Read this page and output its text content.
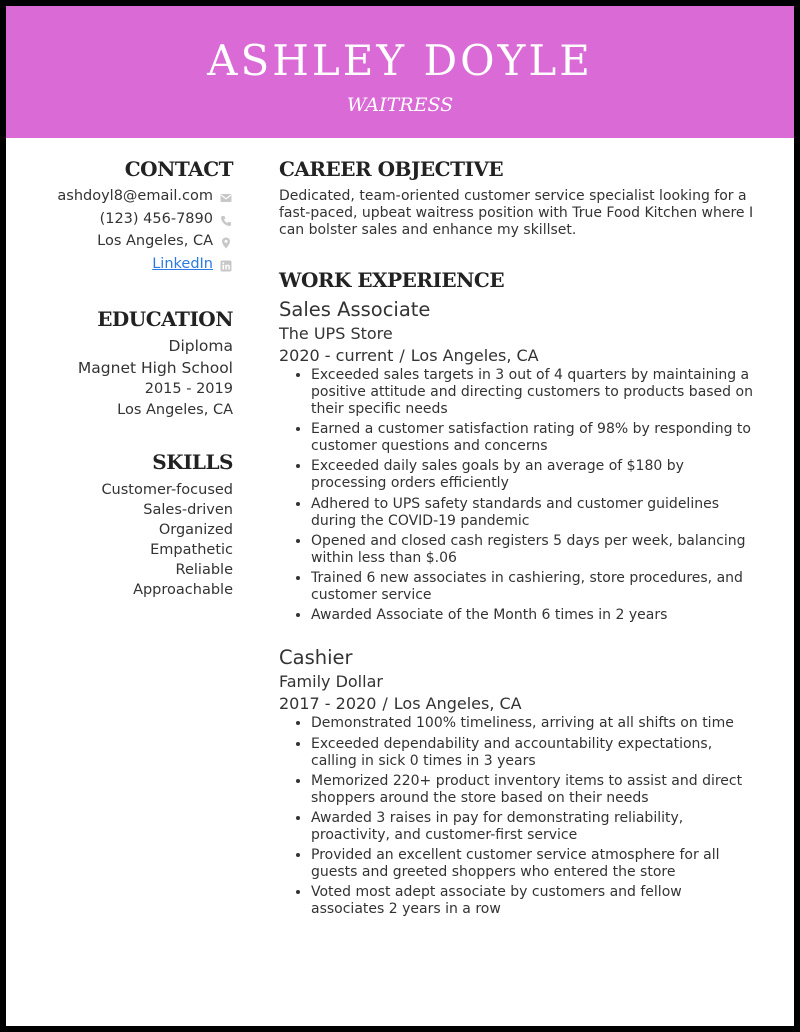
ASHLEY DOYLE
WAITRESS
CONTACT
ashdoyl8@email.com
(123) 456-7890
Los Angeles, CA
LinkedIn
EDUCATION
Diploma
Magnet High School
2015 - 2019
Los Angeles, CA
SKILLS
Customer-focused
Sales-driven
Organized
Empathetic
Reliable
Approachable
CAREER OBJECTIVE
Dedicated, team-oriented customer service specialist looking for a fast-paced, upbeat waitress position with True Food Kitchen where I can bolster sales and enhance my skillset.
WORK EXPERIENCE
Sales Associate
The UPS Store
2020 - current / Los Angeles, CA
• Exceeded sales targets in 3 out of 4 quarters by maintaining a positive attitude and directing customers to products based on their specific needs
• Earned a customer satisfaction rating of 98% by responding to customer questions and concerns
• Exceeded daily sales goals by an average of $180 by processing orders efficiently
• Adhered to UPS safety standards and customer guidelines during the COVID-19 pandemic
• Opened and closed cash registers 5 days per week, balancing within less than $.06
• Trained 6 new associates in cashiering, store procedures, and customer service
• Awarded Associate of the Month 6 times in 2 years
Cashier
Family Dollar
2017 - 2020 / Los Angeles, CA
• Demonstrated 100% timeliness, arriving at all shifts on time
• Exceeded dependability and accountability expectations, calling in sick 0 times in 3 years
• Memorized 220+ product inventory items to assist and direct shoppers around the store based on their needs
• Awarded 3 raises in pay for demonstrating reliability, proactivity, and customer-first service
• Provided an excellent customer service atmosphere for all guests and greeted shoppers who entered the store
• Voted most adept associate by customers and fellow associates 2 years in a row
